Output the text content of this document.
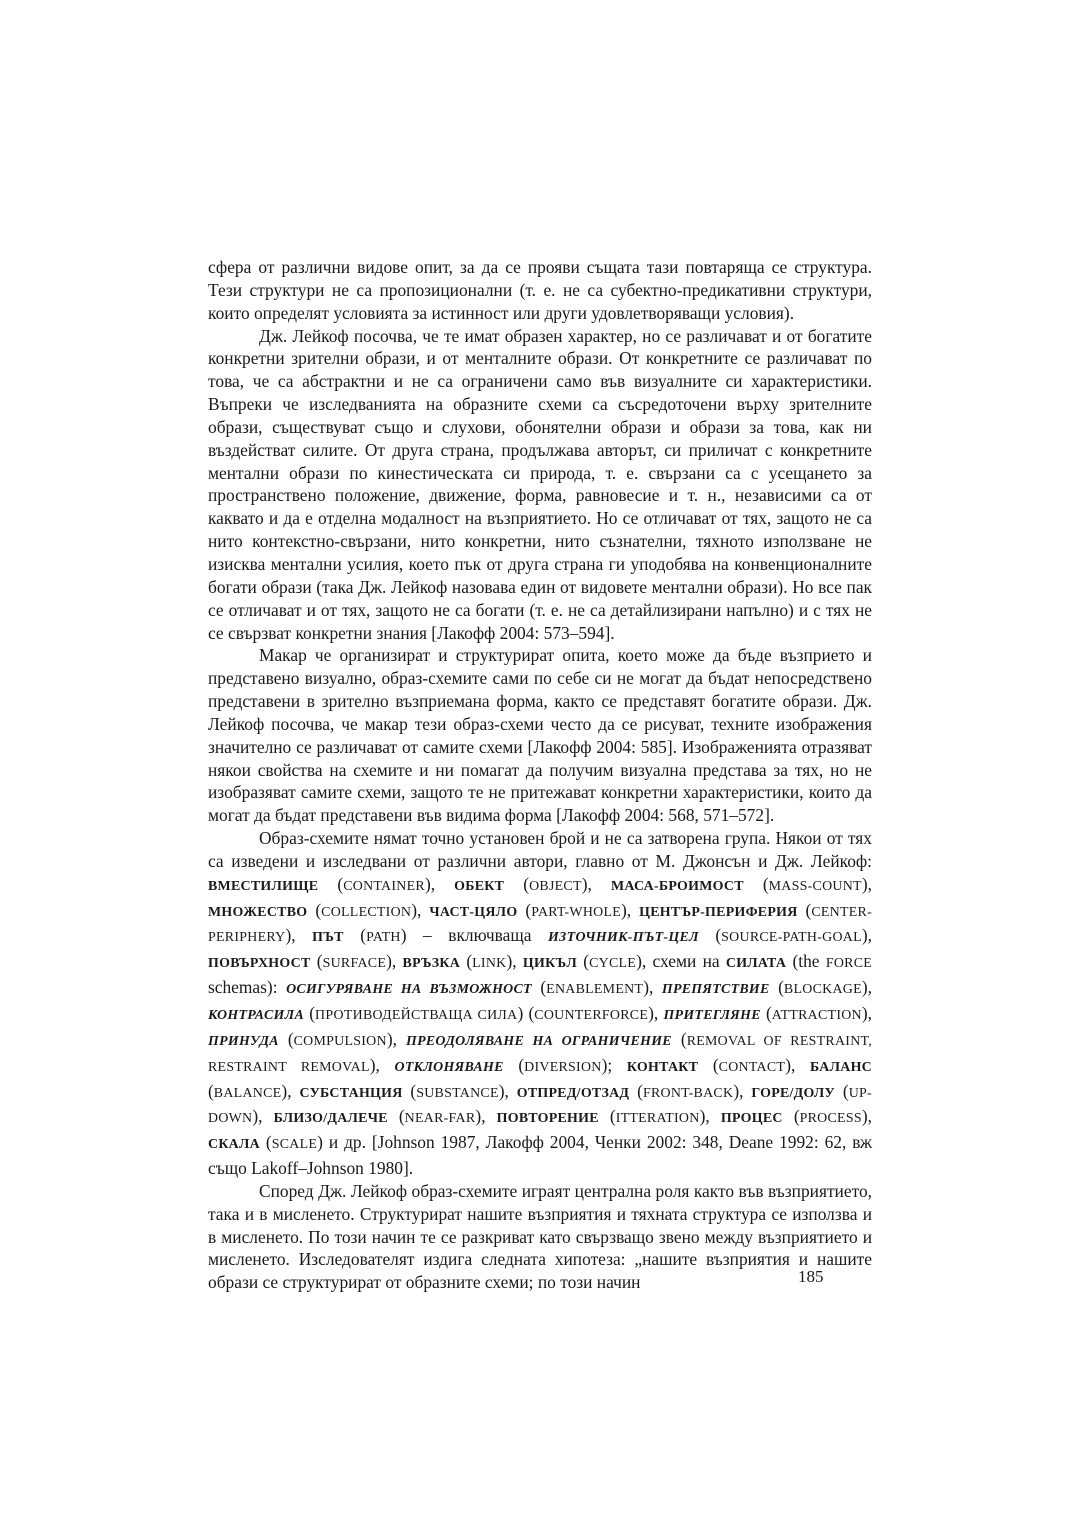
сфера от различни видове опит, за да се прояви същата тази повтаряща се структура. Тези структури не са пропозиционални (т. е. не са субектно-предикативни структури, които определят условията за истинност или други удовлетворяващи условия).

Дж. Лейкоф посочва, че те имат образен характер, но се различават и от богатите конкретни зрителни образи, и от менталните образи. От конкретните се различават по това, че са абстрактни и не са ограничени само във визуалните си характеристики. Въпреки че изследванията на образните схеми са съсредоточени върху зрителните образи, съществуват също и слухови, обонятелни образи и образи за това, как ни въздействат силите. От друга страна, продължава авторът, си приличат с конкретните ментални образи по кинестическата си природа, т. е. свързани са с усещането за пространствено положение, движение, форма, равновесие и т. н., независими са от каквато и да е отделна модалност на възприятието. Но се отличават от тях, защото не са нито контекстно-свързани, нито конкретни, нито съзнателни, тяхното използване не изисква ментални усилия, което пък от друга страна ги уподобява на конвенционалните богати образи (така Дж. Лейкоф назовава един от видовете ментални образи). Но все пак се отличават и от тях, защото не са богати (т. е. не са детайлизирани напълно) и с тях не се свързват конкретни знания [Лакофф 2004: 573–594].

Макар че организират и структурират опита, което може да бъде възприето и представено визуално, образ-схемите сами по себе си не могат да бъдат непосредствено представени в зрително възприемана форма, както се представят богатите образи. Дж. Лейкоф посочва, че макар тези образ-схеми често да се рисуват, техните изображения значително се различават от самите схеми [Лакофф 2004: 585]. Изображенията отразяват някои свойства на схемите и ни помагат да получим визуална представа за тях, но не изобразяват самите схеми, защото те не притежават конкретни характеристики, които да могат да бъдат представени във видима форма [Лакофф 2004: 568, 571–572].

Образ-схемите нямат точно установен брой и не са затворена група. Някои от тях са изведени и изследвани от различни автори, главно от М. Джонсън и Дж. Лейкоф: ВМЕСТИЛИЩЕ (CONTAINER), ОБЕКТ (OBJECT), МАСА-БРОИМОСТ (MASS-COUNT), МНОЖЕСТВО (COLLECTION), ЧАСТ-ЦЯЛО (PART-WHOLE), ЦЕНТЪР-ПЕРИФЕРИЯ (CENTER-PERIPHERY), ПЪТ (PATH) – включваща ИЗТОЧНИК-ПЪТ-ЦЕЛ (SOURCE-PATH-GOAL), ПОВЪРХНОСТ (SURFACE), ВРЪЗКА (LINK), ЦИКЪЛ (CYCLE), схеми на СИЛАТА (the FORCE schemas): ОСИГУРЯВАНЕ НА ВЪЗМОЖНОСТ (ENABLEMENT), ПРЕПЯТСТВИЕ (BLOCKAGE), КОНТРАСИЛА (ПРОТИВОДЕЙСТВАЩА СИЛА) (COUNTERFORCE), ПРИТЕГЛЯНЕ (ATTRACTION), ПРИНУДА (COMPULSION), ПРЕОДОЛЯВАНЕ НА ОГРАНИЧЕНИЕ (REMOVAL OF RESTRAINT, RESTRAINT REMOVAL), ОТКЛОНЯВАНЕ (DIVERSION); КОНТАКТ (CONTACT), БАЛАНС (BALANCE), СУБСТАНЦИЯ (SUBSTANCE), ОТПРЕД/ОТЗАД (FRONT-BACK), ГОРЕ/ДОЛУ (UP-DOWN), БЛИЗО/ДАЛЕЧЕ (NEAR-FAR), ПОВТОРЕНИЕ (ITTERATION), ПРОЦЕС (PROCESS), СКАЛА (SCALE) и др. [Johnson 1987, Лакофф 2004, Ченки 2002: 348, Deane 1992: 62, вж също Lakoff–Johnson 1980].

Според Дж. Лейкоф образ-схемите играят централна роля както във възприятието, така и в мисленето. Структурират нашите възприятия и тяхната структура се използва и в мисленето. По този начин те се разкриват като свързващо звено между възприятието и мисленето. Изследователят издига следната хипотеза: „нашите възприятия и нашите образи се структурират от образните схеми; по този начин	185
